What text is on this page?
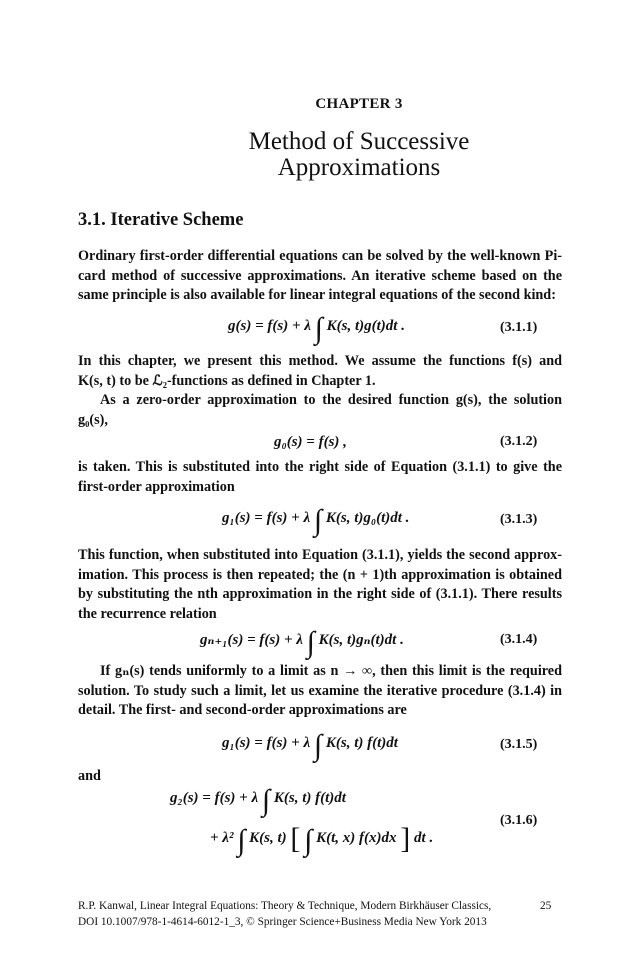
CHAPTER 3
Method of Successive
Approximations
3.1. Iterative Scheme
Ordinary first-order differential equations can be solved by the well-known Pi-
card method of successive approximations. An iterative scheme based on the
same principle is also available for linear integral equations of the second kind:
g(s) = f(s) + λ ∫ K(s, t)g(t)dt .	(3.1.1)
In this chapter, we present this method. We assume the functions f(s) and
K(s, t) to be ℒ₂-functions as defined in Chapter 1.
As a zero-order approximation to the desired function g(s), the solution
g₀(s),
g₀(s) = f(s) ,	(3.1.2)
is taken. This is substituted into the right side of Equation (3.1.1) to give the
first-order approximation
g₁(s) = f(s) + λ ∫ K(s, t)g₀(t)dt .	(3.1.3)
This function, when substituted into Equation (3.1.1), yields the second approx-
imation. This process is then repeated; the (n + 1)th approximation is obtained
by substituting the nth approximation in the right side of (3.1.1). There results
the recurrence relation
gₙ₊₁(s) = f(s) + λ ∫ K(s, t)gₙ(t)dt .	(3.1.4)
If gₙ(s) tends uniformly to a limit as n → ∞, then this limit is the required
solution. To study such a limit, let us examine the iterative procedure (3.1.4) in
detail. The first- and second-order approximations are
g₁(s) = f(s) + λ ∫ K(s, t) f(t)dt	(3.1.5)
and
g₂(s) = f(s) + λ ∫ K(s, t) f(t)dt
+ λ² ∫ K(s, t) [ ∫ K(t, x) f(x)dx ] dt .
(3.1.6)
R.P. Kanwal, Linear Integral Equations: Theory & Technique, Modern Birkhäuser Classics,
DOI 10.1007/978-1-4614-6012-1_3, © Springer Science+Business Media New York 2013
25
